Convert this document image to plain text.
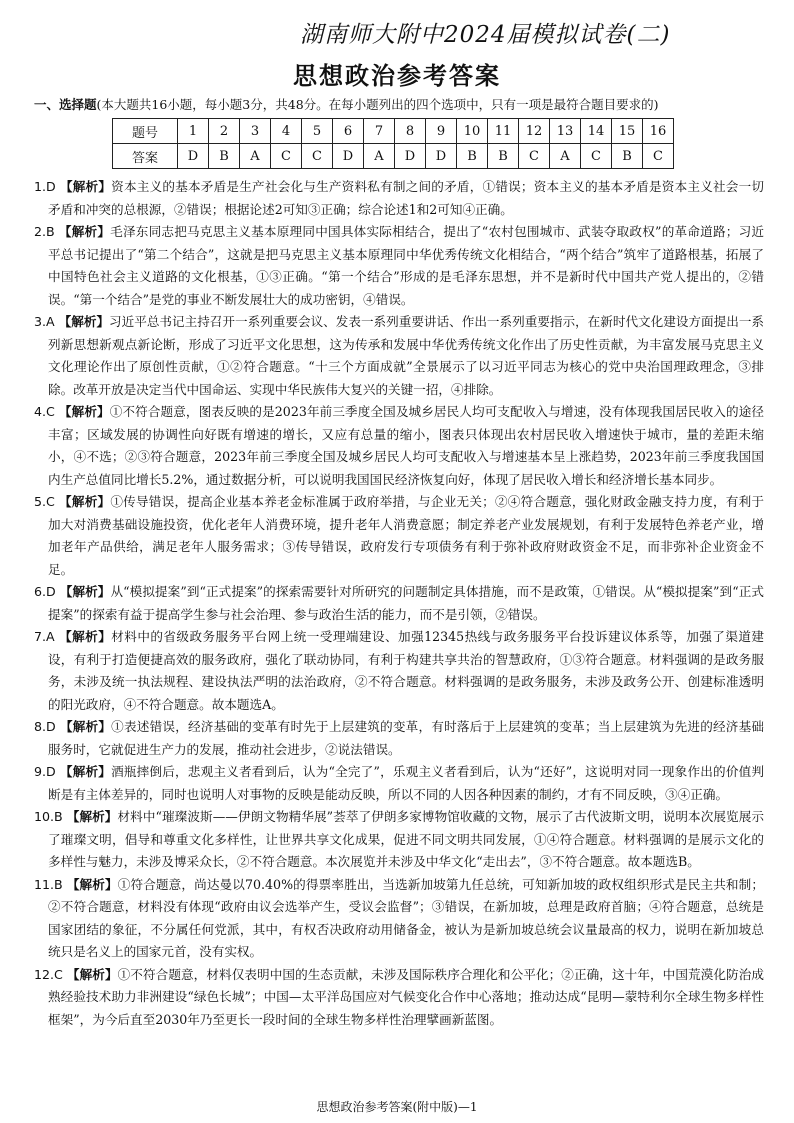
湖南师大附中2024届模拟试卷(二)
思想政治参考答案
一、选择题(本大题共16小题，每小题3分，共48分。在每小题列出的四个选项中，只有一项是最符合题目要求的)
题号	1	2	3	4	5	6	7	8	9	10	11	12	13	14	15	16
答案	D	B	A	C	C	D	A	D	D	B	B	C	A	C	B	C

1.D 【解析】资本主义的基本矛盾是生产社会化与生产资料私有制之间的矛盾，①错误；资本主义的基本矛盾是资本主义社会一切矛盾和冲突的总根源，②错误；根据论述2可知③正确；综合论述1和2可知④正确。

2.B 【解析】毛泽东同志把马克思主义基本原理同中国具体实际相结合，提出了“农村包围城市、武装夺取政权”的革命道路；习近平总书记提出了“第二个结合”，这就是把马克思主义基本原理同中华优秀传统文化相结合，“两个结合”筑牢了道路根基，拓展了中国特色社会主义道路的文化根基，①③正确。“第一个结合”形成的是毛泽东思想，并不是新时代中国共产党人提出的，②错误。“第一个结合”是党的事业不断发展壮大的成功密钥，④错误。

3.A 【解析】习近平总书记主持召开一系列重要会议、发表一系列重要讲话、作出一系列重要指示，在新时代文化建设方面提出一系列新思想新观点新论断，形成了习近平文化思想，这为传承和发展中华优秀传统文化作出了历史性贡献，为丰富发展马克思主义文化理论作出了原创性贡献，①②符合题意。“十三个方面成就”全景展示了以习近平同志为核心的党中央治国理政理念，③排除。改革开放是决定当代中国命运、实现中华民族伟大复兴的关键一招，④排除。

4.C 【解析】①不符合题意，图表反映的是2023年前三季度全国及城乡居民人均可支配收入与增速，没有体现我国居民收入的途径丰富；区域发展的协调性向好既有增速的增长，又应有总量的缩小，图表只体现出农村居民收入增速快于城市，量的差距未缩小，④不选；②③符合题意，2023年前三季度全国及城乡居民人均可支配收入与增速基本呈上涨趋势，2023年前三季度我国国内生产总值同比增长5.2%，通过数据分析，可以说明我国国民经济恢复向好，体现了居民收入增长和经济增长基本同步。

5.C 【解析】①传导错误，提高企业基本养老金标准属于政府举措，与企业无关；②④符合题意，强化财政金融支持力度，有利于加大对消费基础设施投资，优化老年人消费环境，提升老年人消费意愿；制定养老产业发展规划，有利于发展特色养老产业，增加老年产品供给，满足老年人服务需求；③传导错误，政府发行专项债务有利于弥补政府财政资金不足，而非弥补企业资金不足。

6.D 【解析】从“模拟提案”到“正式提案”的探索需要针对所研究的问题制定具体措施，而不是政策，①错误。从“模拟提案”到“正式提案”的探索有益于提高学生参与社会治理、参与政治生活的能力，而不是引领，②错误。

7.A 【解析】材料中的省级政务服务平台网上统一受理端建设、加强12345热线与政务服务平台投诉建议体系等，加强了渠道建设，有利于打造便捷高效的服务政府，强化了联动协同，有利于构建共享共治的智慧政府，①③符合题意。材料强调的是政务服务，未涉及统一执法规程、建设执法严明的法治政府，②不符合题意。材料强调的是政务服务，未涉及政务公开、创建标准透明的阳光政府，④不符合题意。故本题选A。

8.D 【解析】①表述错误，经济基础的变革有时先于上层建筑的变革，有时落后于上层建筑的变革；当上层建筑为先进的经济基础服务时，它就促进生产力的发展，推动社会进步，②说法错误。

9.D 【解析】酒瓶摔倒后，悲观主义者看到后，认为“全完了”，乐观主义者看到后，认为“还好”，这说明对同一现象作出的价值判断是有主体差异的，同时也说明人对事物的反映是能动反映，所以不同的人因各种因素的制约，才有不同反映，③④正确。

10.B 【解析】材料中“璀璨波斯——伊朗文物精华展”荟萃了伊朗多家博物馆收藏的文物，展示了古代波斯文明，说明本次展览展示了璀璨文明，倡导和尊重文化多样性，让世界共享文化成果，促进不同文明共同发展，①④符合题意。材料强调的是展示文化的多样性与魅力，未涉及博采众长，②不符合题意。本次展览并未涉及中华文化“走出去”，③不符合题意。故本题选B。

11.B 【解析】①符合题意，尚达曼以70.40%的得票率胜出，当选新加坡第九任总统，可知新加坡的政权组织形式是民主共和制；②不符合题意，材料没有体现“政府由议会选举产生，受议会监督”；③错误，在新加坡，总理是政府首脑；④符合题意，总统是国家团结的象征，不分属任何党派，其中，有权否决政府动用储备金，被认为是新加坡总统会议量最高的权力，说明在新加坡总统只是名义上的国家元首，没有实权。

12.C 【解析】①不符合题意，材料仅表明中国的生态贡献，未涉及国际秩序合理化和公平化；②正确，这十年，中国荒漠化防治成熟经验技术助力非洲建设“绿色长城”；中国—太平洋岛国应对气候变化合作中心落地；推动达成“昆明—蒙特利尔全球生物多样性框架”，为今后直至2030年乃至更长一段时间的全球生物多样性治理擘画新蓝图。

思想政治参考答案(附中版)—1
